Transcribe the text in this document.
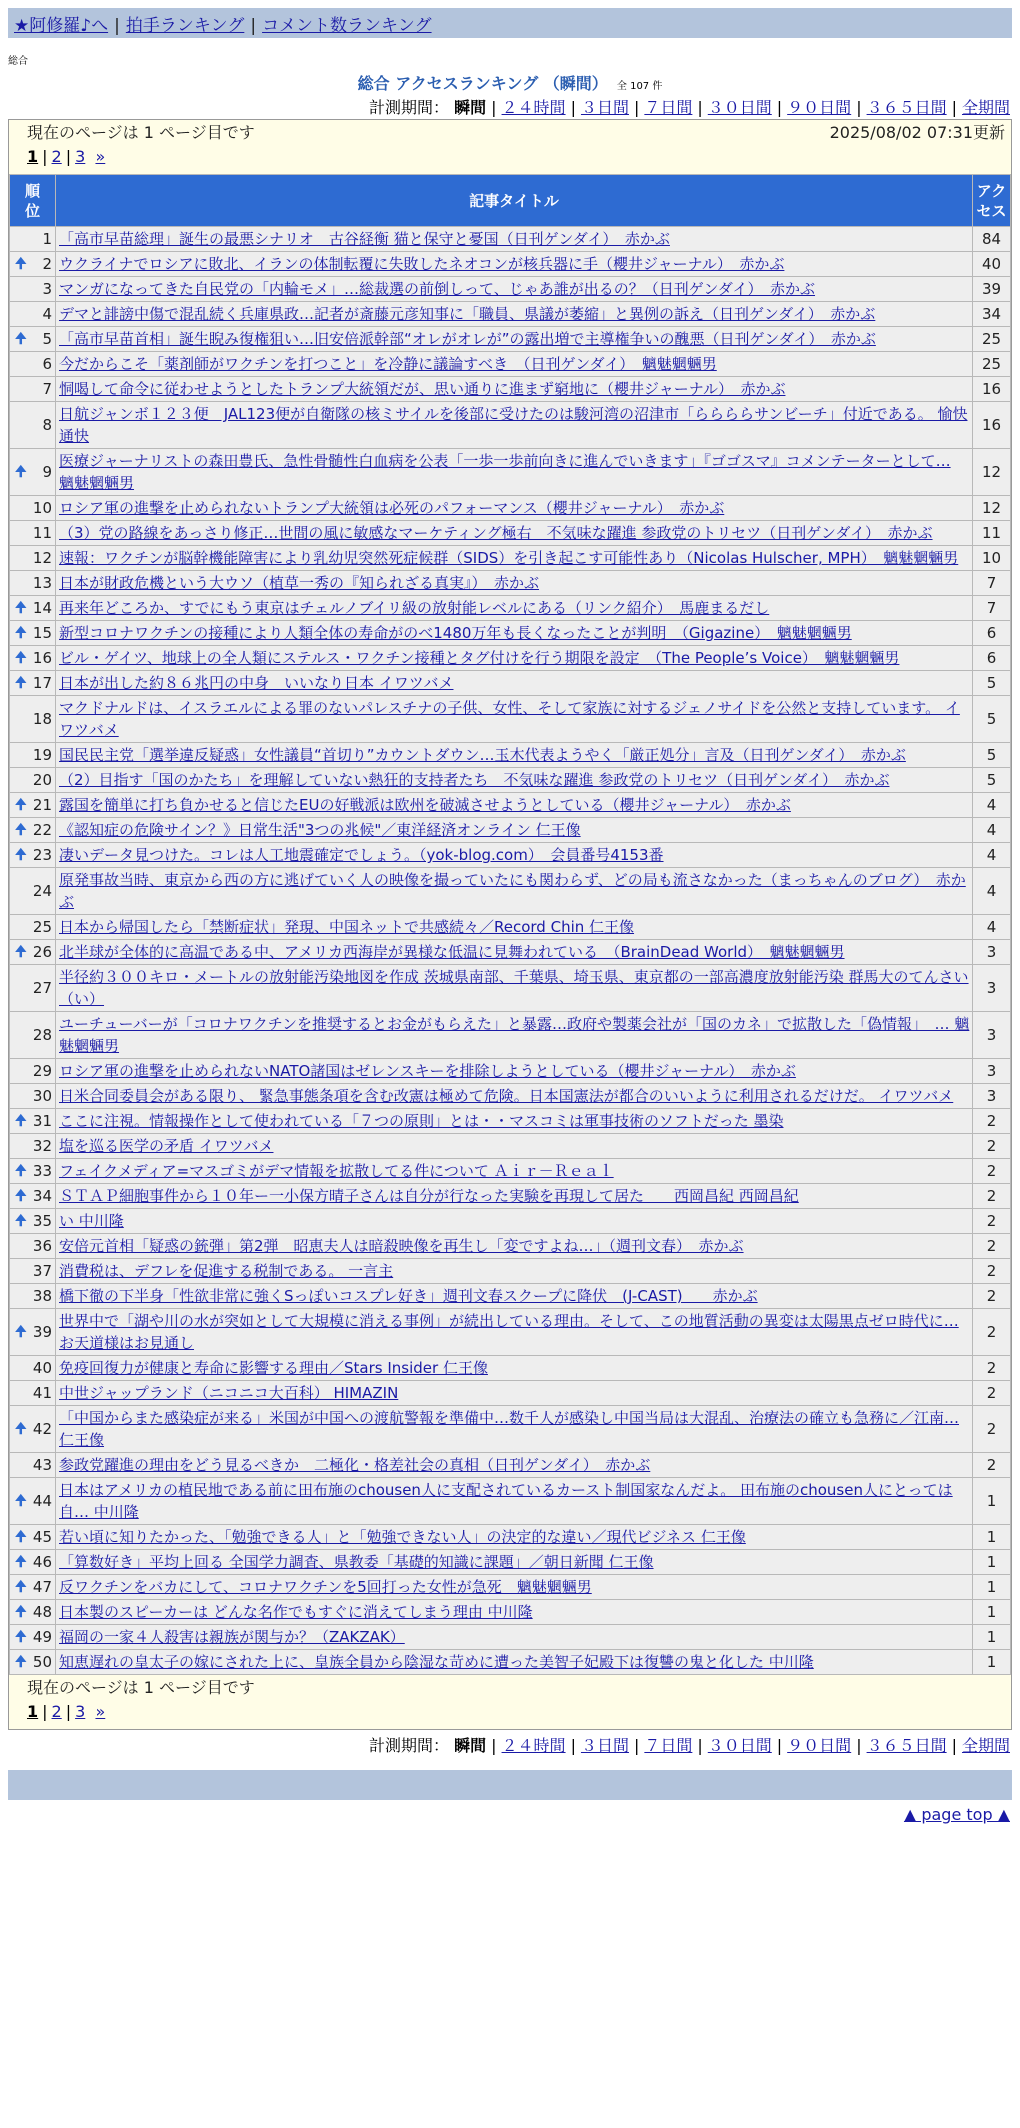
★阿修羅♪へ | 拍手ランキング | コメント数ランキング
総合
総合 アクセスランキング （瞬間） 全 107 件
計測期間： 瞬間 | ２４時間 | ３日間 | ７日間 | ３０日間 | ９０日間 | ３６５日間 | 全期間
現在のページは 1 ページ目です	2025/08/02 07:31更新
1 | 2 | 3 »
順位	記事タイトル	アクセス
1	「高市早苗総理」誕生の最悪シナリオ　古谷経衡 猫と保守と憂国（日刊ゲンダイ）　赤かぶ	84

🠉 2	ウクライナでロシアに敗北、イランの体制転覆に失敗したネオコンが核兵器に手（櫻井ジャーナル）　赤かぶ	40
3	マンガになってきた自民党の「内輪モメ」…総裁選の前倒しって、じゃあ誰が出るの？（日刊ゲンダイ）　赤かぶ	39
4	デマと誹謗中傷で混乱続く兵庫県政…記者が斎藤元彦知事に「職員、県議が萎縮」と異例の訴え（日刊ゲンダイ）　赤かぶ	34

🠉 5	「高市早苗首相」誕生睨み復権狙い…旧安倍派幹部“オレがオレが”の露出増で主導権争いの醜悪（日刊ゲンダイ）　赤かぶ	25
6	今だからこそ「薬剤師がワクチンを打つこと」を冷静に議論すべき　（日刊ゲンダイ）　魑魅魍魎男	25
7	恫喝して命令に従わせようとしたトランプ大統領だが、思い通りに進まず窮地に（櫻井ジャーナル）　赤かぶ	16
8	日航ジャンボ１２３便　JAL123便が自衛隊の核ミサイルを後部に受けたのは駿河湾の沼津市「ららららサンビーチ」付近である。 愉快通快	16

🠉 9	医療ジャーナリストの森田豊氏、急性骨髄性白血病を公表「一歩一歩前向きに進んでいきます」『ゴゴスマ』コメンテーターとして… 魑魅魍魎男	12
10	ロシア軍の進撃を止められないトランプ大統領は必死のパフォーマンス（櫻井ジャーナル）　赤かぶ	12
11	（3）党の路線をあっさり修正…世間の風に敏感なマーケティング極右　不気味な躍進 参政党のトリセツ（日刊ゲンダイ）　赤かぶ	11
12	速報：ワクチンが脳幹機能障害により乳幼児突然死症候群（SIDS）を引き起こす可能性あり（Nicolas Hulscher, MPH）　魑魅魍魎男	10
13	日本が財政危機という大ウソ（植草一秀の『知られざる真実』）　赤かぶ	7

🠉 14	再来年どころか、すでにもう東京はチェルノブイリ級の放射能レベルにある（リンク紹介）　馬鹿まるだし	7

🠉 15	新型コロナワクチンの接種により人類全体の寿命がのべ1480万年も長くなったことが判明　（Gigazine）　魑魅魍魎男	6

🠉 16	ビル・ゲイツ、地球上の全人類にステルス・ワクチン接種とタグ付けを行う期限を設定　（The People’s Voice）　魑魅魍魎男	6

🠉 17	日本が出した約８６兆円の中身　いいなり日本 イワツバメ	5
18	マクドナルドは、イスラエルによる罪のないパレスチナの子供、女性、そして家族に対するジェノサイドを公然と支持しています。 イワツバメ	5
19	国民民主党「選挙違反疑惑」女性議員“首切り”カウントダウン…玉木代表ようやく「厳正処分」言及（日刊ゲンダイ）　赤かぶ	5
20	（2）目指す「国のかたち」を理解していない熱狂的支持者たち　不気味な躍進 参政党のトリセツ（日刊ゲンダイ）　赤かぶ	5

🠉 21	露国を簡単に打ち負かせると信じたEUの好戦派は欧州を破滅させようとしている（櫻井ジャーナル）　赤かぶ	4

🠉 22	《認知症の危険サイン？》日常生活"3つの兆候"／東洋経済オンライン 仁王像	4

🠉 23	凄いデータ見つけた。コレは人工地震確定でしょう。（yok-blog.com）　会員番号4153番	4
24	原発事故当時、東京から西の方に逃げていく人の映像を撮っていたにも関わらず、どの局も流さなかった（まっちゃんのブログ）　赤かぶ	4
25	日本から帰国したら「禁断症状」発現、中国ネットで共感続々／Record Chin 仁王像	4

🠉 26	北半球が全体的に高温である中、アメリカ西海岸が異様な低温に見舞われている　（BrainDead World）　魑魅魍魎男	3
27	半径約３００キロ・メートルの放射能汚染地図を作成 茨城県南部、千葉県、埼玉県、東京都の一部高濃度放射能汚染 群馬大のてんさい（い）	3
28	ユーチューバーが「コロナワクチンを推奨するとお金がもらえた」と暴露…政府や製薬会社が「国のカネ」で拡散した「偽情報」　… 魑魅魍魎男	3
29	ロシア軍の進撃を止められないNATO諸国はゼレンスキーを排除しようとしている（櫻井ジャーナル）　赤かぶ	3
30	日米合同委員会がある限り、 緊急事態条項を含む改憲は極めて危険。日本国憲法が都合のいいように利用されるだけだ。 イワツバメ	3

🠉 31	ここに注視。情報操作として使われている「７つの原則」とは・・マスコミは軍事技術のソフトだった 墨染	2
32	塩を巡る医学の矛盾 イワツバメ	2

🠉 33	フェイクメディア=マスゴミがデマ情報を拡散してる件について Ａｉｒ－Ｒｅａｌ	2

🠉 34	ＳＴＡＰ細胞事件から１０年ー一小保方晴子さんは自分が行なった実験を再現して居た　　西岡昌紀 西岡昌紀	2

🠉 35	い 中川隆	2
36	安倍元首相「疑惑の銃弾」第2弾　昭恵夫人は暗殺映像を再生し「変ですよね…」（週刊文春）　赤かぶ	2
37	消費税は、デフレを促進する税制である。 一言主	2
38	橋下徹の下半身「性欲非常に強くSっぽいコスプレ好き」週刊文春スクープに降伏　(J-CAST)　　赤かぶ	2

🠉 39	世界中で「湖や川の水が突如として大規模に消える事例」が続出している理由。そして、この地質活動の異変は太陽黒点ゼロ時代に… お天道様はお見通し	2
40	免疫回復力が健康と寿命に影響する理由／Stars Insider 仁王像	2
41	中世ジャップランド（ニコニコ大百科） HIMAZIN	2

🠉 42	「中国からまた感染症が来る」米国が中国への渡航警報を準備中…数千人が感染し中国当局は大混乱、治療法の確立も急務に／江南… 仁王像	2
43	参政党躍進の理由をどう見るべきか　二極化・格差社会の真相（日刊ゲンダイ）　赤かぶ	2

🠉 44	日本はアメリカの植民地である前に田布施のchousen人に支配されているカースト制国家なんだよ。 田布施のchousen人にとっては自… 中川隆	1

🠉 45	若い頃に知りたかった、「勉強できる人」と「勉強できない人」の決定的な違い／現代ビジネス 仁王像	1

🠉 46	「算数好き」平均上回る 全国学力調査、県教委「基礎的知識に課題」／朝日新聞 仁王像	1

🠉 47	反ワクチンをバカにして、コロナワクチンを5回打った女性が急死　魑魅魍魎男	1

🠉 48	日本製のスピーカーは どんな名作でもすぐに消えてしまう理由 中川隆	1

🠉 49	福岡の一家４人殺害は親族が関与か？（ZAKZAK）	1

🠉 50	知恵遅れの皇太子の嫁にされた上に、皇族全員から陰湿な苛めに遭った美智子妃殿下は復讐の鬼と化した 中川隆	1
現在のページは 1 ページ目です
1 | 2 | 3 »
計測期間： 瞬間 | ２４時間 | ３日間 | ７日間 | ３０日間 | ９０日間 | ３６５日間 | 全期間
▲ page top ▲
